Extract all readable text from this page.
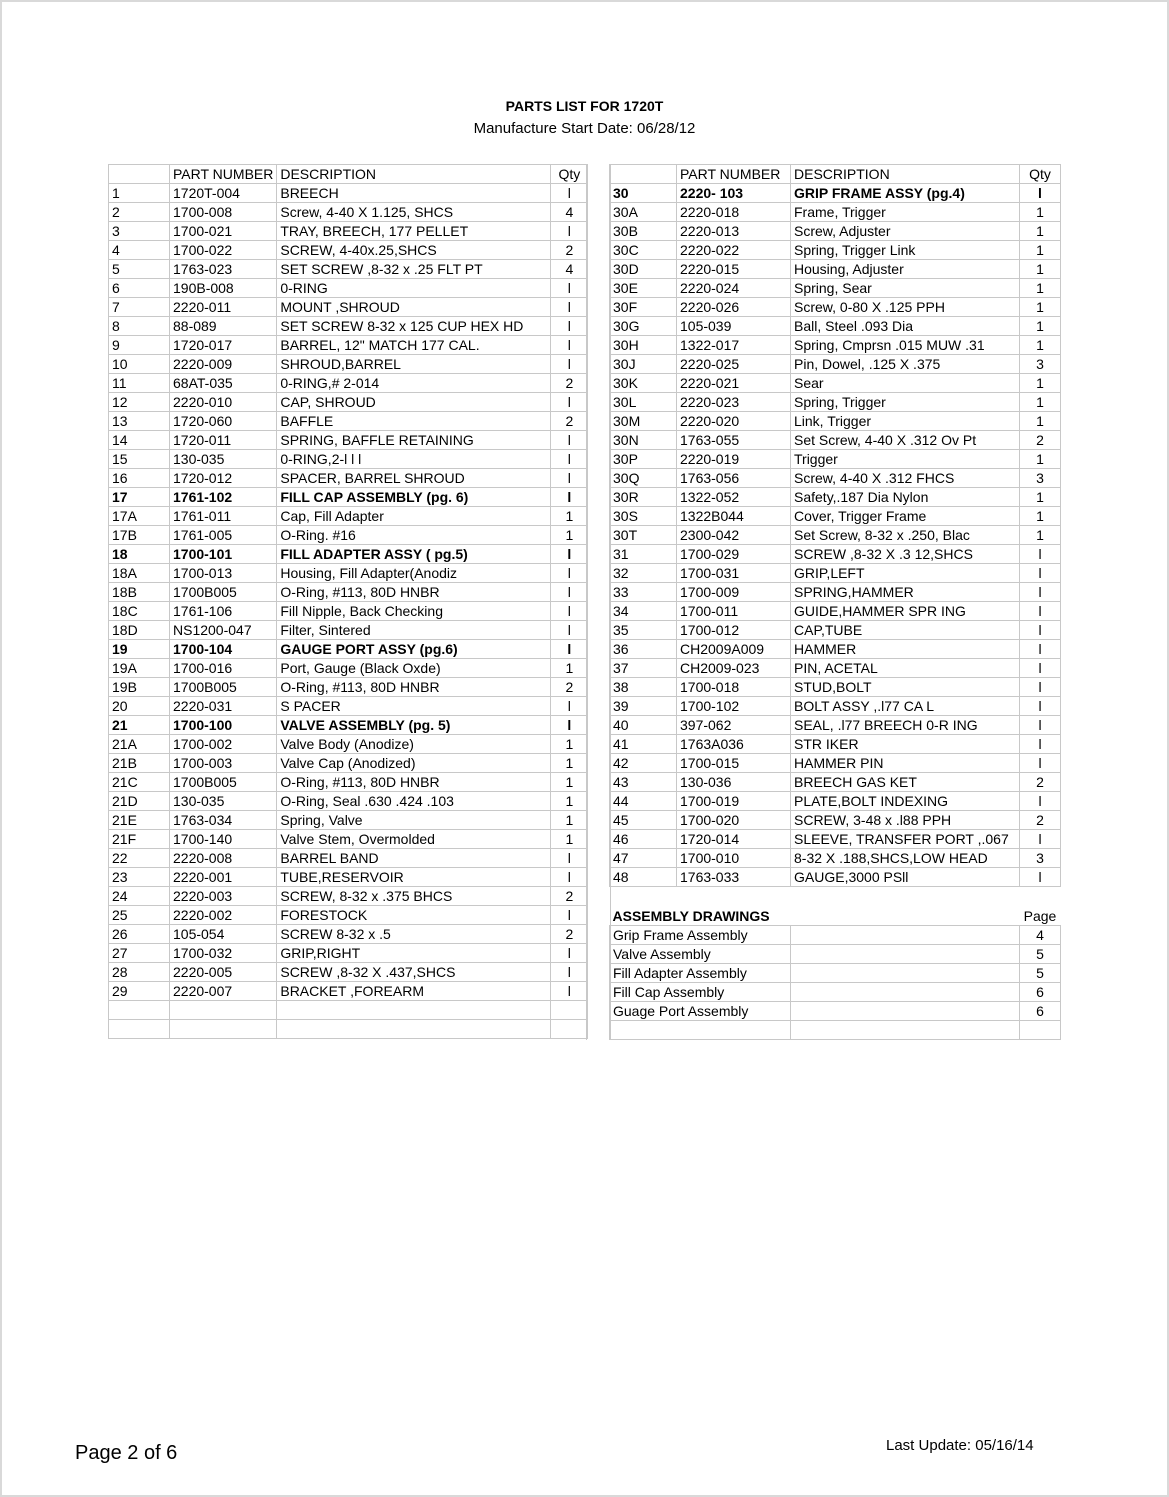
PARTS LIST FOR 1720T
Manufacture Start Date: 06/28/12
	PART NUMBER	DESCRIPTION	Qty
1	1720T-004	BREECH	l
2	1700-008	Screw, 4-40 X 1.125, SHCS	4
3	1700-021	TRAY, BREECH, 177 PELLET	l
4	1700-022	SCREW, 4-40x.25,SHCS	2
5	1763-023	SET SCREW ,8-32 x .25 FLT PT	4
6	190B-008	0-RING	l
7	2220-011	MOUNT ,SHROUD	l
8	88-089	SET SCREW 8-32 x 125 CUP HEX HD	l
9	1720-017	BARREL, 12" MATCH 177 CAL.	l
10	2220-009	SHROUD,BARREL	l
11	68AT-035	0-RING,# 2-014	2
12	2220-010	CAP, SHROUD	l
13	1720-060	BAFFLE	2
14	1720-011	SPRING, BAFFLE RETAINING	l
15	130-035	0-RING,2-l l l	l
16	1720-012	SPACER, BARREL SHROUD	l
17	1761-102	FILL CAP ASSEMBLY (pg. 6)	l
17A	1761-011	Cap, Fill Adapter	1
17B	1761-005	O-Ring. #16	1
18	1700-101	FILL ADAPTER ASSY ( pg.5)	l
18A	1700-013	Housing, Fill Adapter(Anodiz	l
18B	1700B005	O-Ring, #113, 80D HNBR	l
18C	1761-106	Fill Nipple, Back Checking	l
18D	NS1200-047	Filter, Sintered	l
19	1700-104	GAUGE PORT ASSY (pg.6)	l
19A	1700-016	Port, Gauge (Black Oxde)	1
19B	1700B005	O-Ring, #113, 80D HNBR	2
20	2220-031	S PACER	l
21	1700-100	VALVE ASSEMBLY (pg. 5)	l
21A	1700-002	Valve Body (Anodize)	1
21B	1700-003	Valve Cap (Anodized)	1
21C	1700B005	O-Ring, #113, 80D HNBR	1
21D	130-035	O-Ring, Seal .630 .424 .103	1
21E	1763-034	Spring, Valve	1
21F	1700-140	Valve Stem, Overmolded	1
22	2220-008	BARREL BAND	l
23	2220-001	TUBE,RESERVOIR	l
24	2220-003	SCREW, 8-32 x .375 BHCS	2
25	2220-002	FORESTOCK	l
26	105-054	SCREW 8-32 x .5	2
27	1700-032	GRIP,RIGHT	l
28	2220-005	SCREW ,8-32 X .437,SHCS	l
29	2220-007	BRACKET ,FOREARM	l

	PART NUMBER	DESCRIPTION	Qty
30	2220- 103	GRIP FRAME ASSY (pg.4)	l
30A	2220-018	Frame, Trigger	1
30B	2220-013	Screw, Adjuster	1
30C	2220-022	Spring, Trigger Link	1
30D	2220-015	Housing, Adjuster	1
30E	2220-024	Spring, Sear	1
30F	2220-026	Screw, 0-80 X .125 PPH	1
30G	105-039	Ball, Steel .093 Dia	1
30H	1322-017	Spring, Cmprsn .015 MUW .31	1
30J	2220-025	Pin, Dowel, .125 X .375	3
30K	2220-021	Sear	1
30L	2220-023	Spring, Trigger	1
30M	2220-020	Link, Trigger	1
30N	1763-055	Set Screw, 4-40 X .312 Ov Pt	2
30P	2220-019	Trigger	1
30Q	1763-056	Screw, 4-40 X .312 FHCS	3
30R	1322-052	Safety,.187 Dia Nylon	1
30S	1322B044	Cover, Trigger Frame	1
30T	2300-042	Set Screw, 8-32 x .250, Blac	1
31	1700-029	SCREW ,8-32 X .3 12,SHCS	l
32	1700-031	GRIP,LEFT	l
33	1700-009	SPRING,HAMMER	l
34	1700-011	GUIDE,HAMMER SPR ING	l
35	1700-012	CAP,TUBE	l
36	CH2009A009	HAMMER	l
37	CH2009-023	PIN, ACETAL	l
38	1700-018	STUD,BOLT	l
39	1700-102	BOLT ASSY ,.l77 CA L	l
40	397-062	SEAL, .l77 BREECH 0-R ING	l
41	1763A036	STR IKER	l
42	1700-015	HAMMER PIN	l
43	130-036	BREECH GAS KET	2
44	1700-019	PLATE,BOLT INDEXING	l
45	1700-020	SCREW, 3-48 x .l88 PPH	2
46	1720-014	SLEEVE, TRANSFER PORT ,.067	l
47	1700-010	8-32 X .188,SHCS,LOW HEAD	3
48	1763-033	GAUGE,3000 PSll	l
ASSEMBLY DRAWINGS		Page
Grip Frame Assembly		4
Valve Assembly		5
Fill Adapter Assembly		5
Fill Cap Assembly		6
Guage Port Assembly		6

Page 2 of 6	Last Update: 05/16/14
